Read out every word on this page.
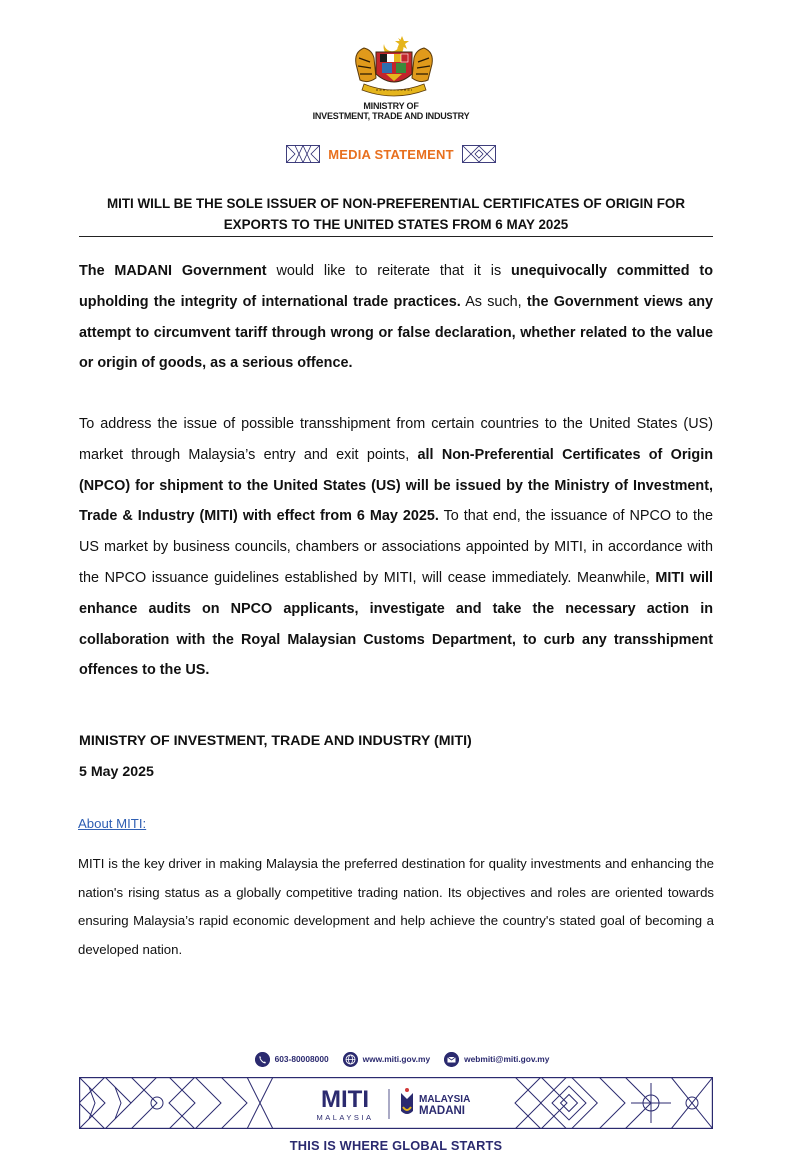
MINISTRY OF
INVESTMENT, TRADE AND INDUSTRY
MEDIA STATEMENT
MITI WILL BE THE SOLE ISSUER OF NON-PREFERENTIAL CERTIFICATES OF ORIGIN FOR EXPORTS TO THE UNITED STATES FROM 6 MAY 2025
The MADANI Government would like to reiterate that it is unequivocally committed to upholding the integrity of international trade practices. As such, the Government views any attempt to circumvent tariff through wrong or false declaration, whether related to the value or origin of goods, as a serious offence.
To address the issue of possible transshipment from certain countries to the United States (US) market through Malaysia’s entry and exit points, all Non-Preferential Certificates of Origin (NPCO) for shipment to the United States (US) will be issued by the Ministry of Investment, Trade & Industry (MITI) with effect from 6 May 2025. To that end, the issuance of NPCO to the US market by business councils, chambers or associations appointed by MITI, in accordance with the NPCO issuance guidelines established by MITI, will cease immediately. Meanwhile, MITI will enhance audits on NPCO applicants, investigate and take the necessary action in collaboration with the Royal Malaysian Customs Department, to curb any transshipment offences to the US.
MINISTRY OF INVESTMENT, TRADE AND INDUSTRY (MITI)
5 May 2025
About MITI:
MITI is the key driver in making Malaysia the preferred destination for quality investments and enhancing the nation's rising status as a globally competitive trading nation. Its objectives and roles are oriented towards ensuring Malaysia’s rapid economic development and help achieve the country's stated goal of becoming a developed nation.
603-80008000	www.miti.gov.my	webmiti@miti.gov.my
MITI
MALAYSIA
MALAYSIA
MADANI
THIS IS WHERE GLOBAL STARTS
